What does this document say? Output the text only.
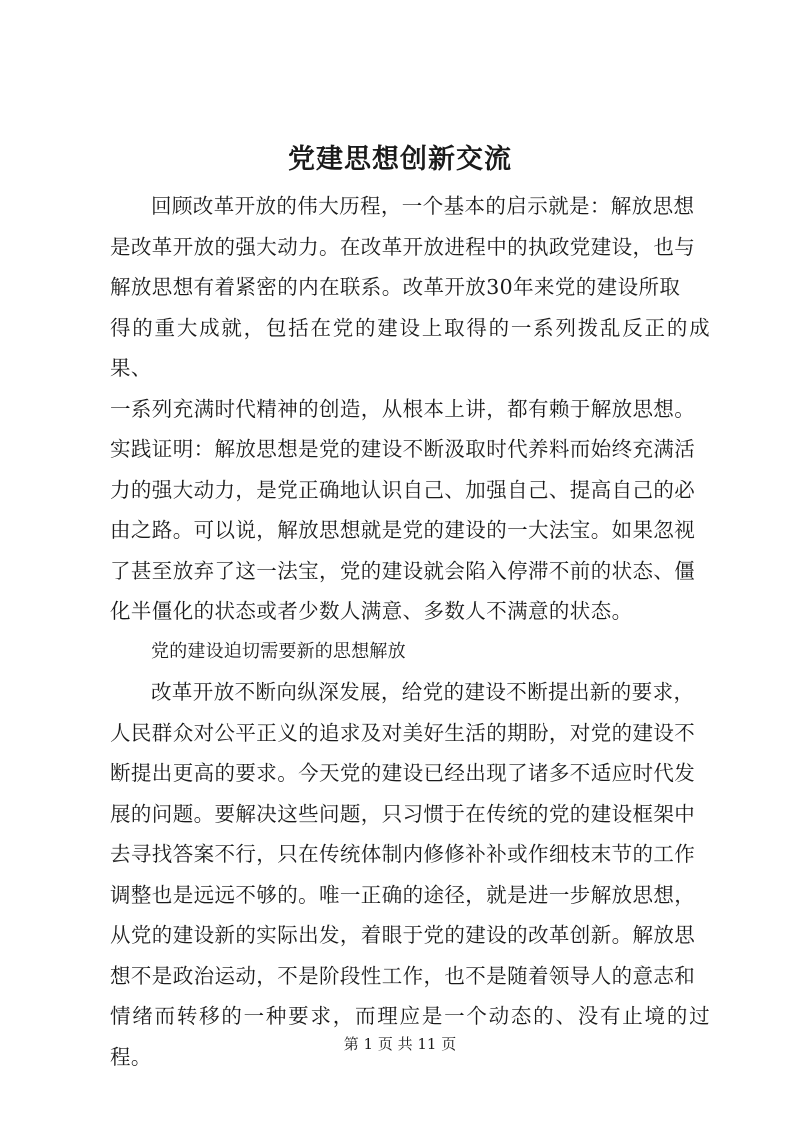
党建思想创新交流

回顾改革开放的伟大历程，一个基本的启示就是：解放思想
是改革开放的强大动力。在改革开放进程中的执政党建设，也与
解放思想有着紧密的内在联系。改革开放30年来党的建设所取
得的重大成就，包括在党的建设上取得的一系列拨乱反正的成果、
一系列充满时代精神的创造，从根本上讲，都有赖于解放思想。
实践证明：解放思想是党的建设不断汲取时代养料而始终充满活
力的强大动力，是党正确地认识自己、加强自己、提高自己的必
由之路。可以说，解放思想就是党的建设的一大法宝。如果忽视
了甚至放弃了这一法宝，党的建设就会陷入停滞不前的状态、僵
化半僵化的状态或者少数人满意、多数人不满意的状态。

党的建设迫切需要新的思想解放

改革开放不断向纵深发展，给党的建设不断提出新的要求，
人民群众对公平正义的追求及对美好生活的期盼，对党的建设不
断提出更高的要求。今天党的建设已经出现了诸多不适应时代发
展的问题。要解决这些问题，只习惯于在传统的党的建设框架中
去寻找答案不行，只在传统体制内修修补补或作细枝末节的工作
调整也是远远不够的。唯一正确的途径，就是进一步解放思想，
从党的建设新的实际出发，着眼于党的建设的改革创新。解放思
想不是政治运动，不是阶段性工作，也不是随着领导人的意志和
情绪而转移的一种要求，而理应是一个动态的、没有止境的过程。

第 1 页 共 11 页
